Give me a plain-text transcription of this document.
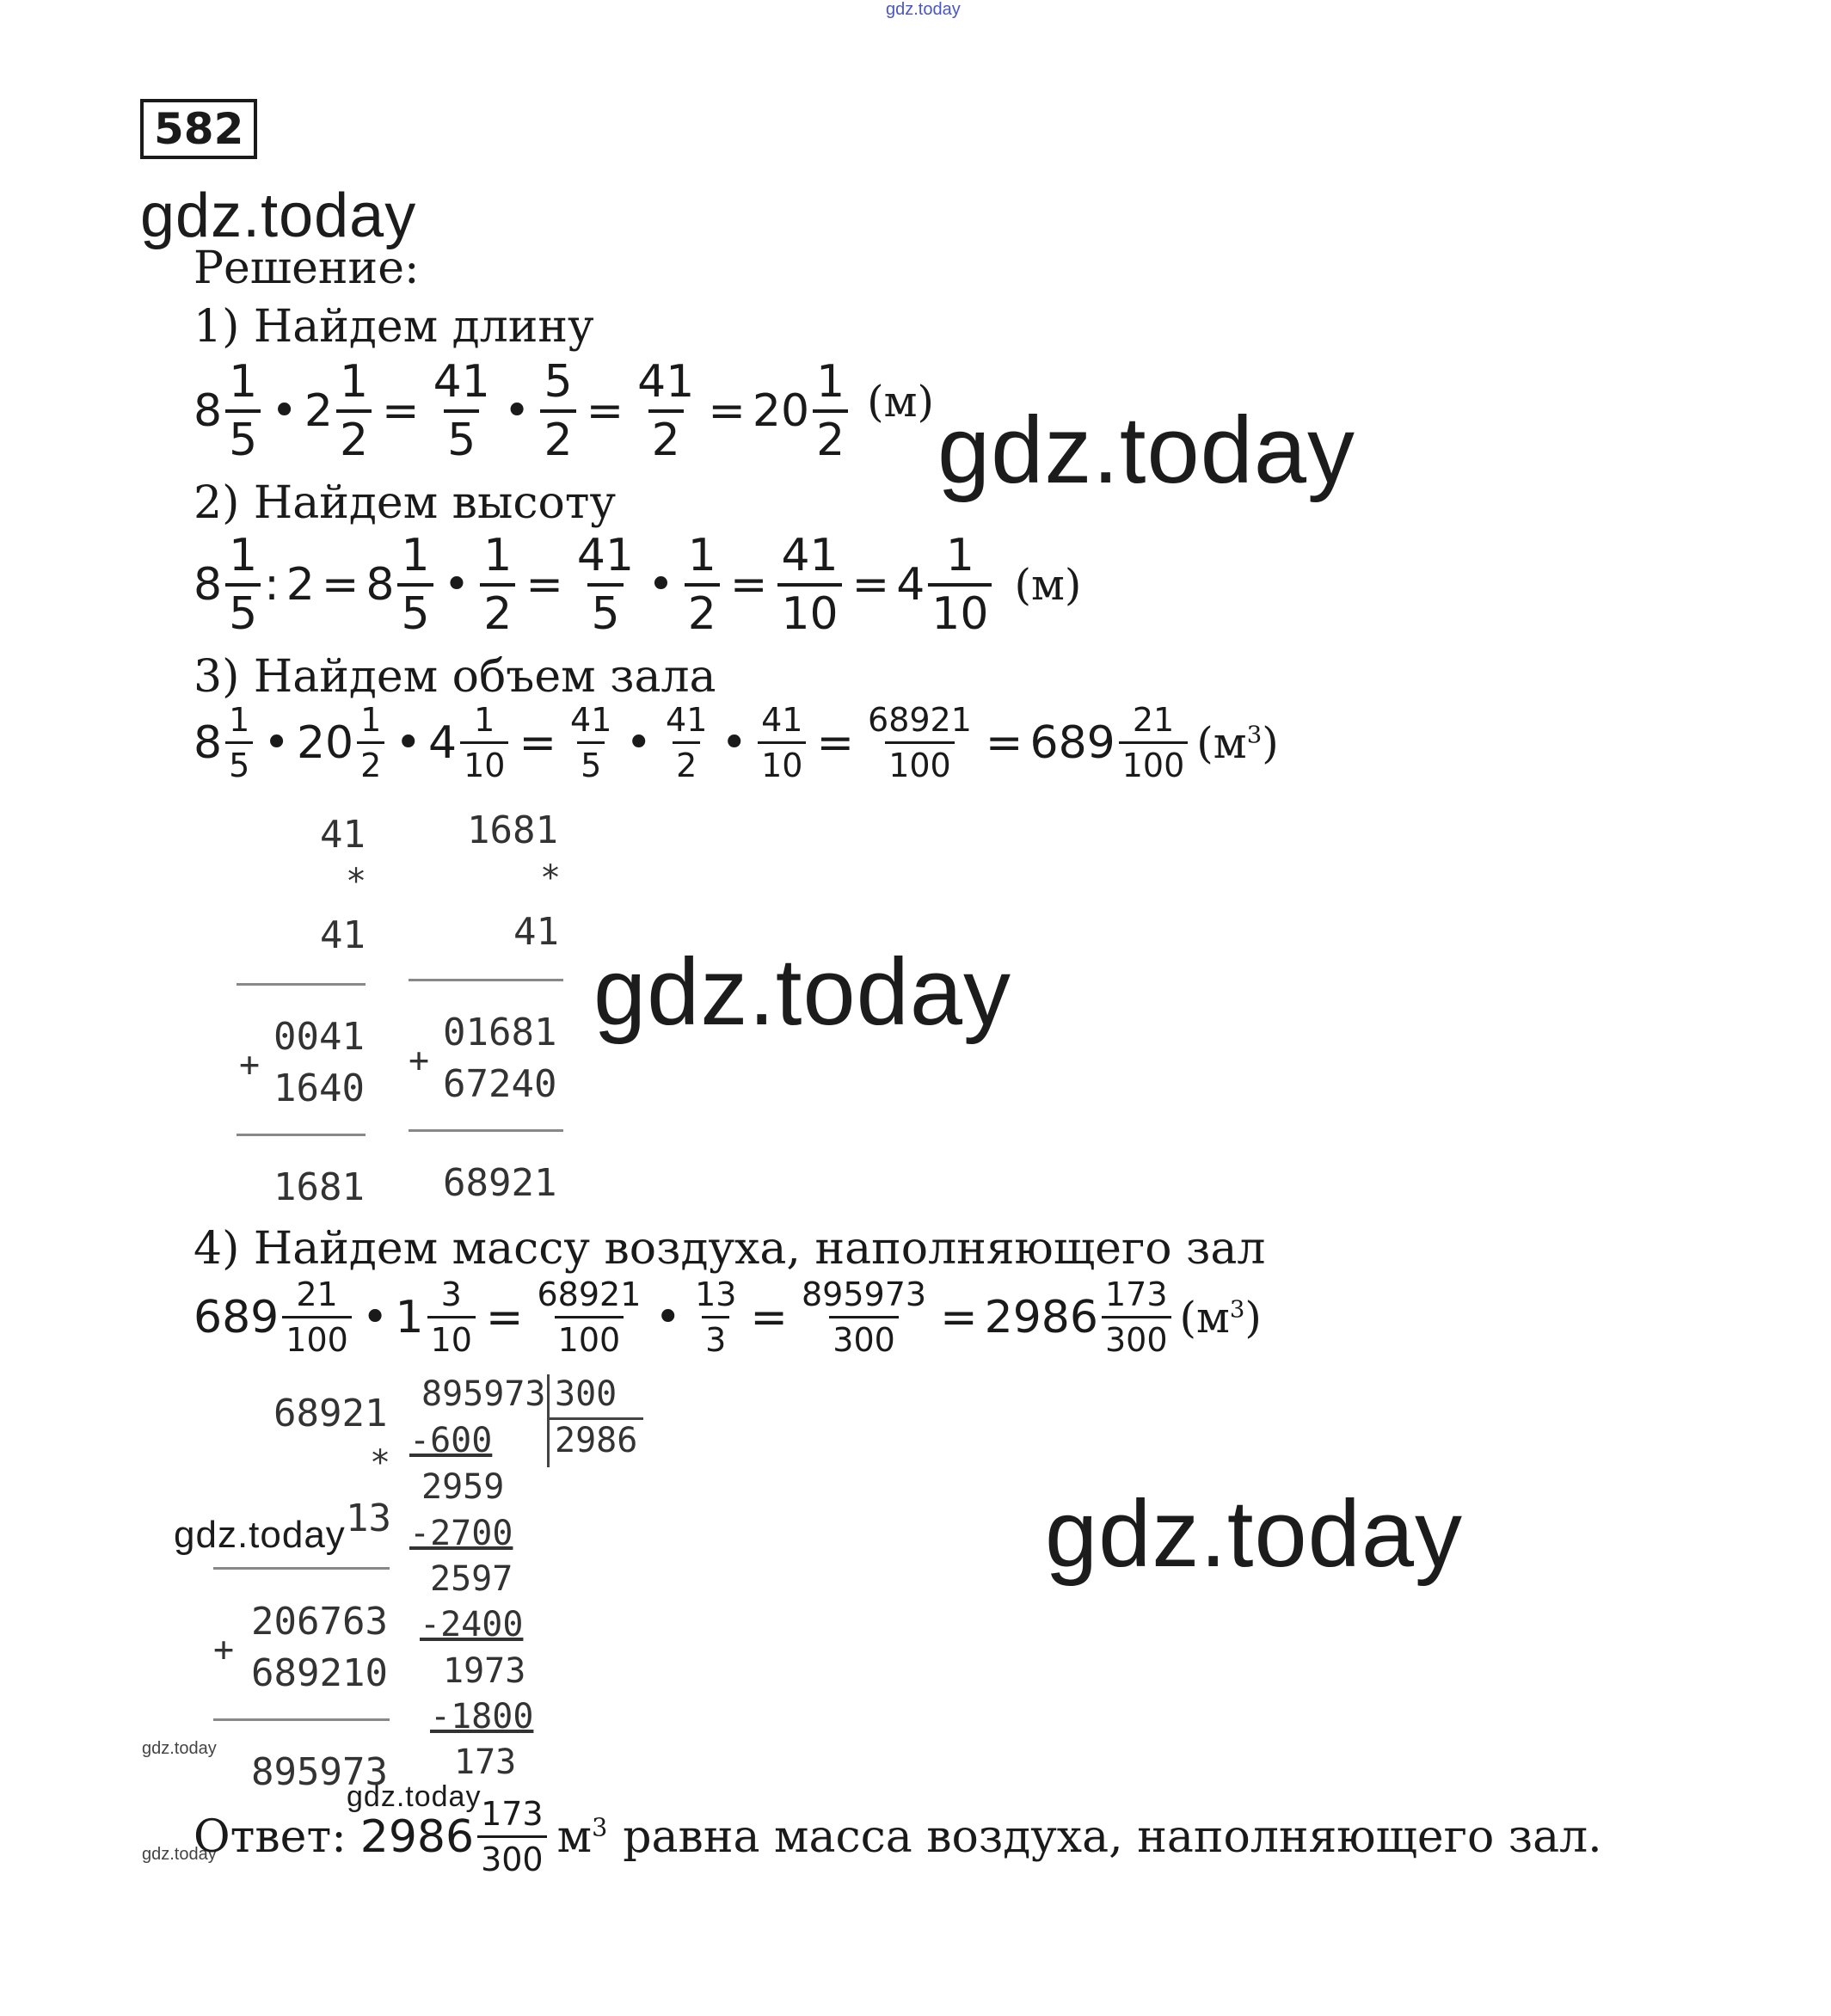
gdz.today
582
gdz.today
gdz.today
gdz.today
gdz.today
gdz.today
gdz.today
gdz.today
gdz.today
Решение:
1) Найдем длину
$8 \frac{1}{5}$ • $2 \frac{1}{2} = \frac{41}{5}$ • $\frac{5}{2} = \frac{41}{2} = 20 \frac{1}{2} (м)$
2) Найдем высоту
$8 \frac{1}{5}$ : $2 = 8 \frac{1}{5}$ • $\frac{1}{2} = \frac{41}{5}$ • $\frac{1}{2} = \frac{41}{10} = 4 \frac{1}{10} (м)$
3) Найдем объем зала
$8 \frac{1}{5}$ • $20 \frac{1}{2}$ • $4 \frac{1}{10} = \frac{41}{5}$ • $\frac{41}{2}$ • $\frac{41}{10} = \frac{68921}{100} = 689 \frac{21}{100} (м^3)$
41
*
41
0041
+
1640
1681
1681
*
41
01681
+
67240
68921
4) Найдем массу воздуха, наполняющего зал
$689 \frac{21}{100}$ • $1 \frac{3}{10} = \frac{68921}{100}$ • $\frac{13}{3} = \frac{895973}{300} = 2986 \frac{173}{300} (м^3)$
68921
*
13
206763
+
689210
895973
895973 300
2986
-600
2959
-2700
2597
-2400
1973
-1800
173
Ответ: $2986 \frac{173}{300} м^3$ равна масса воздуха, наполняющего зал.
